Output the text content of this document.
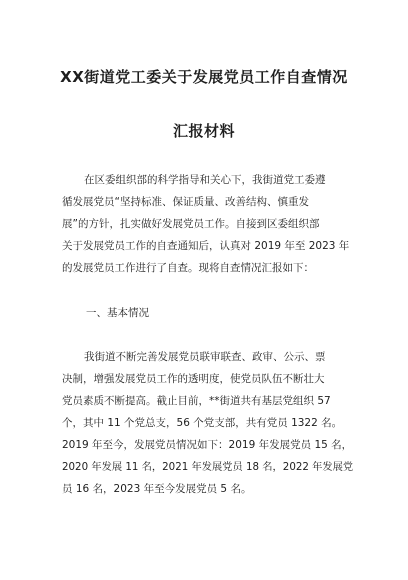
XX街道党工委关于发展党员工作自查情况
汇报材料
在区委组织部的科学指导和关心下，我街道党工委遵
循发展党员“坚持标准、保证质量、改善结构、慎重发
展”的方针，扎实做好发展党员工作。自接到区委组织部
关于发展党员工作的自查通知后，认真对 2019 年至 2023 年
的发展党员工作进行了自查。现将自查情况汇报如下：
一、基本情况
我街道不断完善发展党员联审联查、政审、公示、票
决制，增强发展党员工作的透明度，使党员队伍不断壮大
党员素质不断提高。截止目前，**街道共有基层党组织 57
个，其中 11 个党总支，56 个党支部，共有党员 1322 名。
2019 年至今，发展党员情况如下：2019 年发展党员 15 名，
2020 年发展 11 名，2021 年发展党员 18 名，2022 年发展党
员 16 名，2023 年至今发展党员 5 名。
